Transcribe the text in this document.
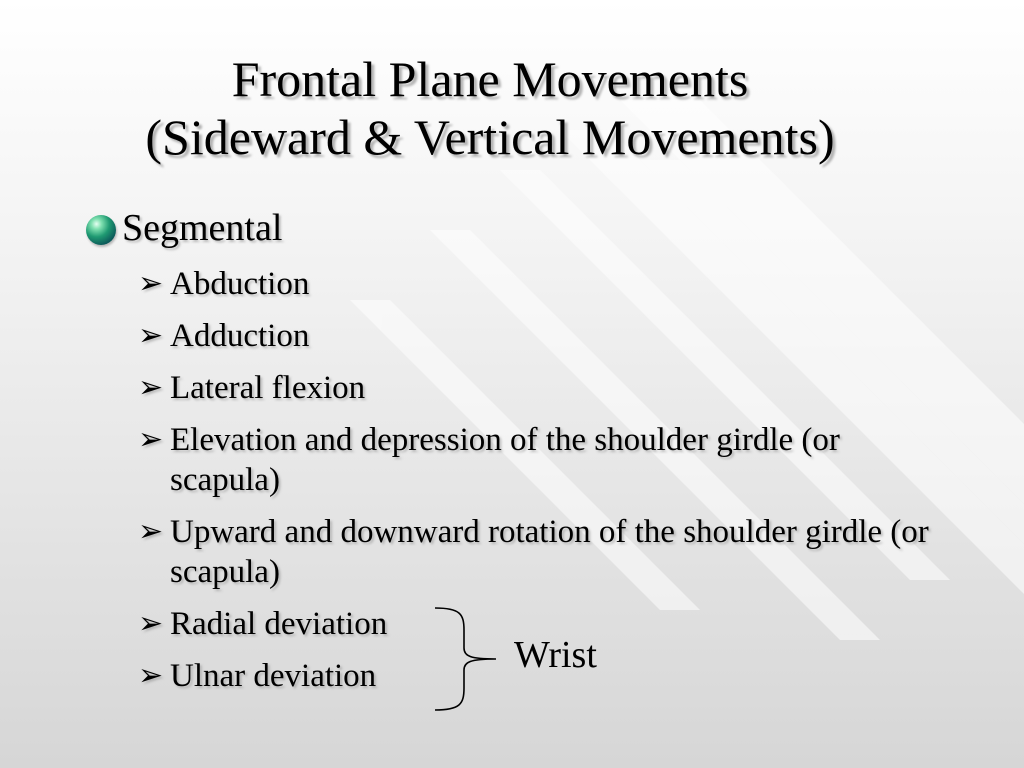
Frontal Plane Movements
(Sideward & Vertical Movements)
Segmental
➢ Abduction
➢ Adduction
➢ Lateral flexion
➢ Elevation and depression of the shoulder girdle (or scapula)
➢ Upward and downward rotation of the shoulder girdle (or scapula)
➢ Radial deviation
➢ Ulnar deviation	Wrist
